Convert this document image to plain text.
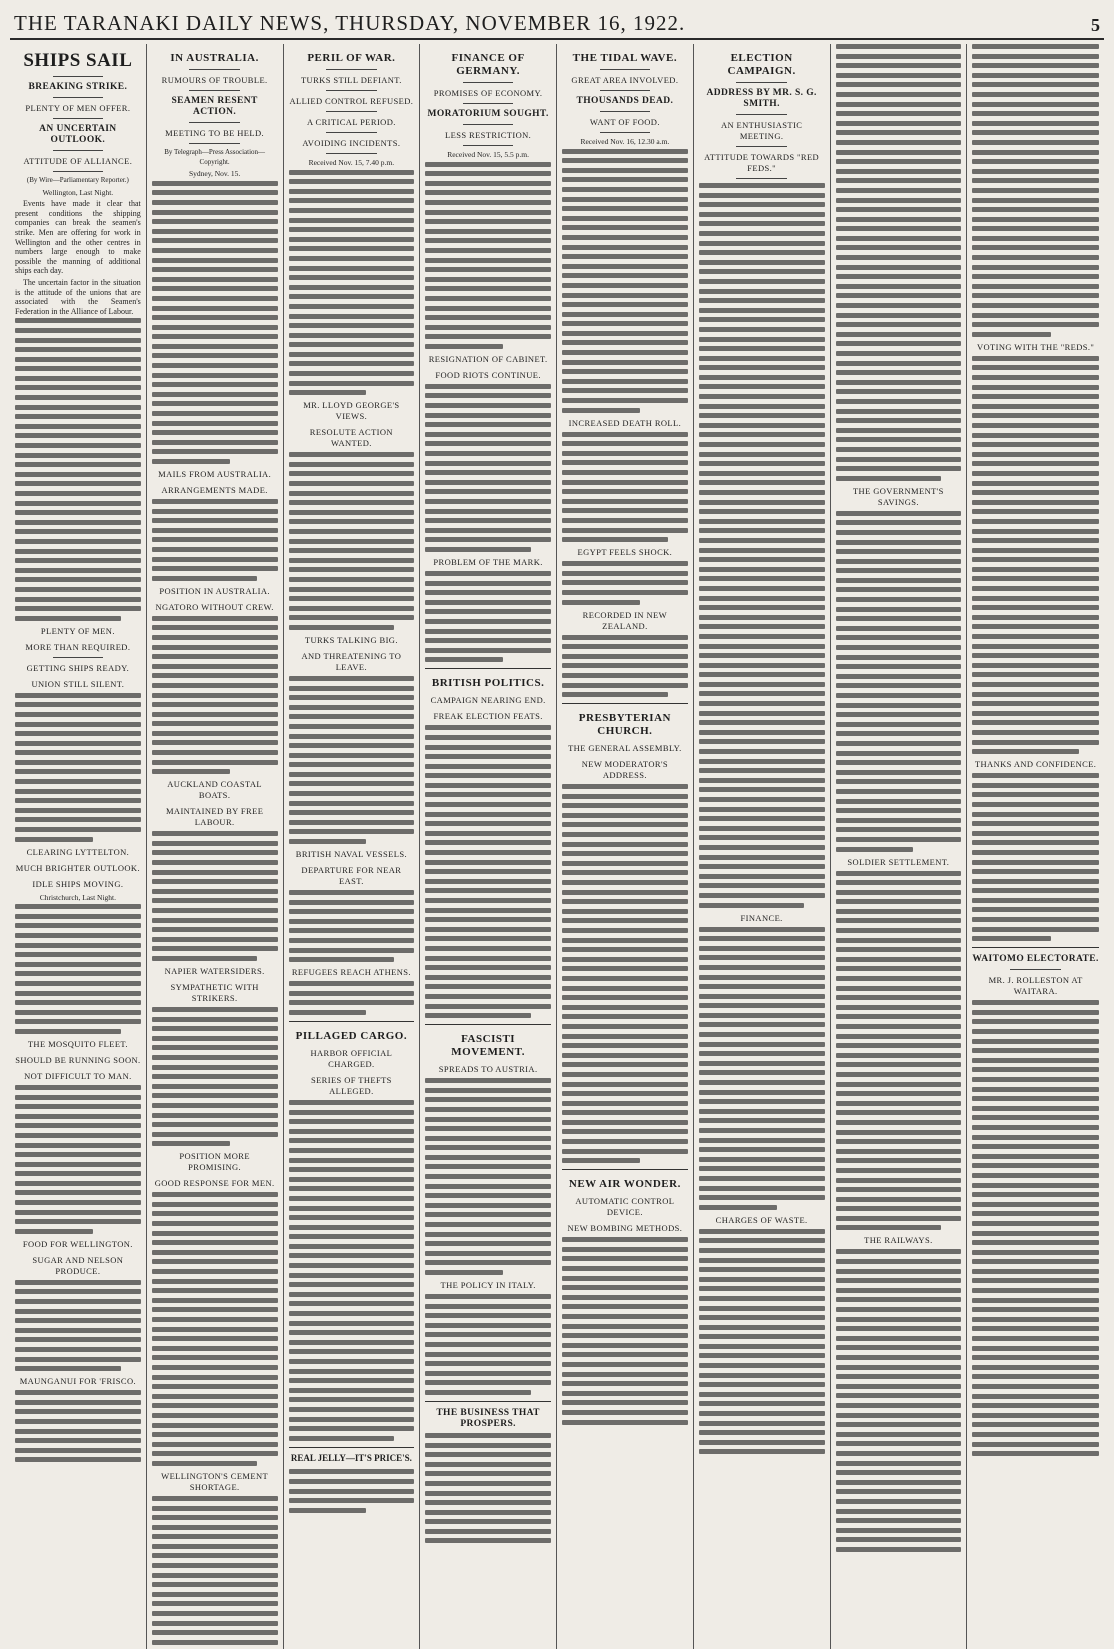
THE TARANAKI DAILY NEWS, THURSDAY, NOVEMBER 16, 1922.	5
SHIPS SAIL
BREAKING STRIKE.
PLENTY OF MEN OFFER.
AN UNCERTAIN OUTLOOK.
ATTITUDE OF ALLIANCE.
(By Wire—Parliamentary Reporter.)
Wellington, Last Night.

Events have made it clear that present conditions the shipping companies can break the seamen's strike. Men are offering for work in Wellington and the other centres in numbers large enough to make possible the manning of additional ships each day.

The uncertain factor in the situation is the attitude of the unions that are associated with the Seamen's Federation in the Alliance of Labour.

PLENTY OF MEN.
MORE THAN REQUIRED.
GETTING SHIPS READY.
UNION STILL SILENT.
CLEARING LYTTELTON.
MUCH BRIGHTER OUTLOOK.
IDLE SHIPS MOVING.
Christchurch, Last Night.
THE MOSQUITO FLEET.
SHOULD BE RUNNING SOON.
NOT DIFFICULT TO MAN.
FOOD FOR WELLINGTON.
SUGAR AND NELSON PRODUCE.
MAUNGANUI FOR 'FRISCO.
IN AUSTRALIA.
RUMOURS OF TROUBLE.
SEAMEN RESENT ACTION.
MEETING TO BE HELD.
By Telegraph—Press Association—Copyright.
Sydney, Nov. 15.
MAILS FROM AUSTRALIA.
ARRANGEMENTS MADE.
POSITION IN AUSTRALIA.
NGATORO WITHOUT CREW.
AUCKLAND COASTAL BOATS.
MAINTAINED BY FREE LABOUR.
NAPIER WATERSIDERS.
SYMPATHETIC WITH STRIKERS.
POSITION MORE PROMISING.
GOOD RESPONSE FOR MEN.
WELLINGTON'S CEMENT SHORTAGE.
PERIL OF WAR.
TURKS STILL DEFIANT.
ALLIED CONTROL REFUSED.
A CRITICAL PERIOD.
AVOIDING INCIDENTS.
Received Nov. 15, 7.40 p.m.
MR. LLOYD GEORGE'S VIEWS.
RESOLUTE ACTION WANTED.
TURKS TALKING BIG.
AND THREATENING TO LEAVE.
BRITISH NAVAL VESSELS.
DEPARTURE FOR NEAR EAST.
REFUGEES REACH ATHENS.
PILLAGED CARGO.
HARBOR OFFICIAL CHARGED.
SERIES OF THEFTS ALLEGED.
REAL JELLY—IT'S PRICE'S.
FINANCE OF GERMANY.
PROMISES OF ECONOMY.
MORATORIUM SOUGHT.
LESS RESTRICTION.
Received Nov. 15, 5.5 p.m.
RESIGNATION OF CABINET.
FOOD RIOTS CONTINUE.
PROBLEM OF THE MARK.
BRITISH POLITICS.
CAMPAIGN NEARING END.
FREAK ELECTION FEATS.
FASCISTI MOVEMENT.
SPREADS TO AUSTRIA.
THE POLICY IN ITALY.
THE BUSINESS THAT PROSPERS.
THE TIDAL WAVE.
GREAT AREA INVOLVED.
THOUSANDS DEAD.
WANT OF FOOD.
Received Nov. 16, 12.30 a.m.
INCREASED DEATH ROLL.
EGYPT FEELS SHOCK.
RECORDED IN NEW ZEALAND.
PRESBYTERIAN CHURCH.
THE GENERAL ASSEMBLY.
NEW MODERATOR'S ADDRESS.
NEW AIR WONDER.
AUTOMATIC CONTROL DEVICE.
NEW BOMBING METHODS.
ELECTION CAMPAIGN.
ADDRESS BY MR. S. G. SMITH.
AN ENTHUSIASTIC MEETING.
ATTITUDE TOWARDS "RED FEDS."
FINANCE.
CHARGES OF WASTE.
THE GOVERNMENT'S SAVINGS.
SOLDIER SETTLEMENT.
THE RAILWAYS.
VOTING WITH THE "REDS."
THANKS AND CONFIDENCE.
WAITOMO ELECTORATE.
MR. J. ROLLESTON AT WAITARA.
